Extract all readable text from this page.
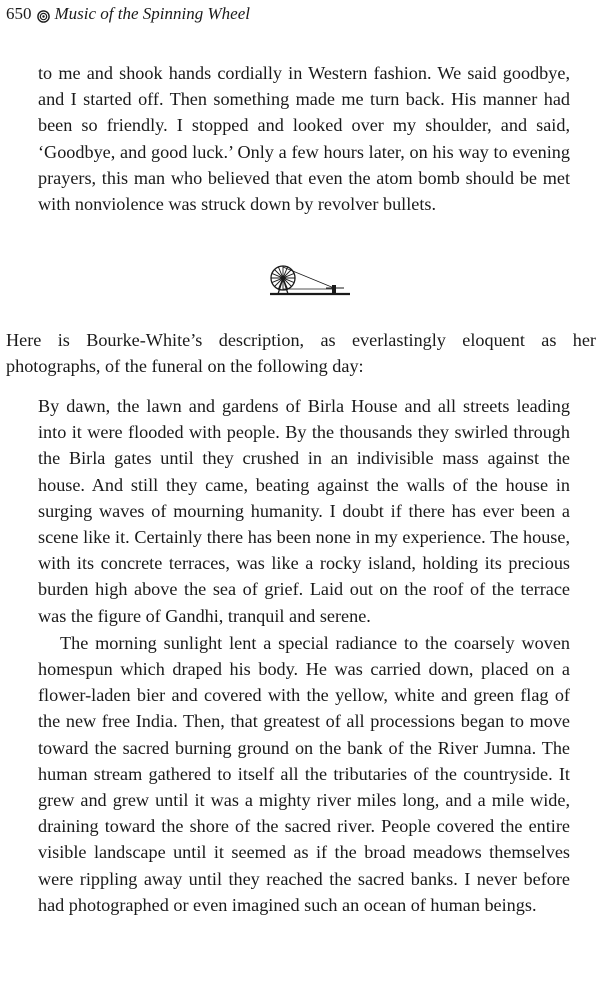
650 Music of the Spinning Wheel

to me and shook hands cordially in Western fashion. We said goodbye, and I started off. Then something made me turn back. His manner had been so friendly. I stopped and looked over my shoulder, and said, ‘Goodbye, and good luck.’ Only a few hours later, on his way to evening prayers, this man who believed that even the atom bomb should be met with nonviolence was struck down by revolver bullets.

Here is Bourke-White’s description, as everlastingly eloquent as her photographs, of the funeral on the following day:

By dawn, the lawn and gardens of Birla House and all streets leading into it were flooded with people. By the thousands they swirled through the Birla gates until they crushed in an indivisible mass against the house. And still they came, beating against the walls of the house in surging waves of mourning humanity. I doubt if there has ever been a scene like it. Certainly there has been none in my experience. The house, with its concrete terraces, was like a rocky island, holding its precious burden high above the sea of grief. Laid out on the roof of the terrace was the figure of Gandhi, tranquil and serene.

The morning sunlight lent a special radiance to the coarsely woven homespun which draped his body. He was carried down, placed on a flower-laden bier and covered with the yellow, white and green flag of the new free India. Then, that greatest of all processions began to move toward the sacred burning ground on the bank of the River Jumna. The human stream gathered to itself all the tributaries of the countryside. It grew and grew until it was a mighty river miles long, and a mile wide, draining toward the shore of the sacred river. People covered the entire visible landscape until it seemed as if the broad meadows themselves were rippling away until they reached the sacred banks. I never before had photographed or even imagined such an ocean of human beings.
